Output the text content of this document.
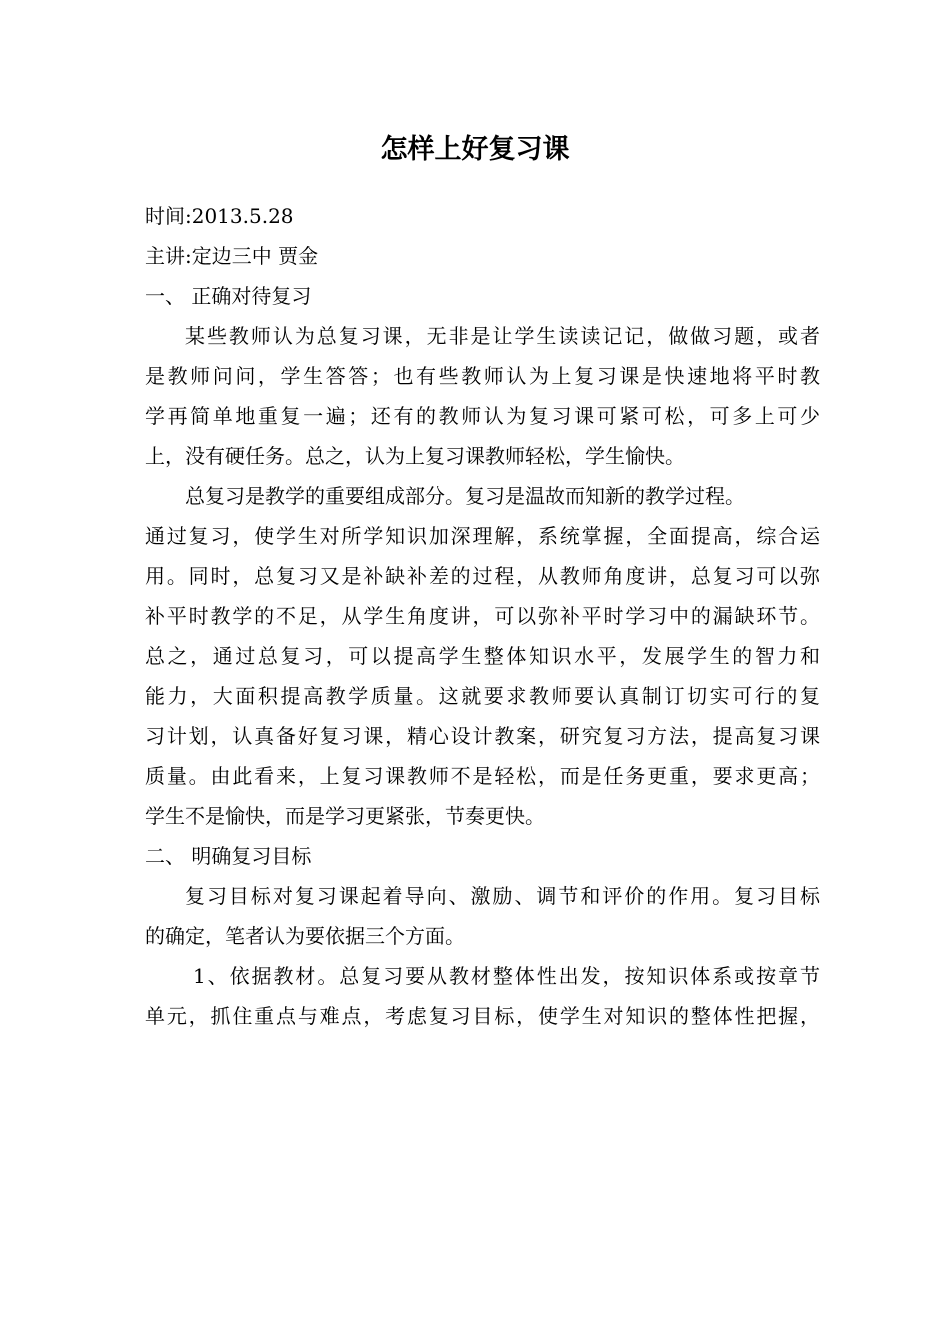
怎样上好复习课

时间:2013.5.28

主讲:定边三中 贾金

一、 正确对待复习

某些教师认为总复习课，无非是让学生读读记记，做做习题，或者

是教师问问，学生答答；也有些教师认为上复习课是快速地将平时教

学再简单地重复一遍；还有的教师认为复习课可紧可松，可多上可少

上，没有硬任务。总之，认为上复习课教师轻松，学生愉快。

总复习是教学的重要组成部分。复习是温故而知新的教学过程。

通过复习，使学生对所学知识加深理解，系统掌握，全面提高，综合运

用。同时，总复习又是补缺补差的过程，从教师角度讲，总复习可以弥

补平时教学的不足，从学生角度讲，可以弥补平时学习中的漏缺环节。

总之，通过总复习，可以提高学生整体知识水平，发展学生的智力和

能力，大面积提高教学质量。这就要求教师要认真制订切实可行的复

习计划，认真备好复习课，精心设计教案，研究复习方法，提高复习课

质量。由此看来，上复习课教师不是轻松，而是任务更重，要求更高；

学生不是愉快，而是学习更紧张，节奏更快。

二、 明确复习目标

复习目标对复习课起着导向、激励、调节和评价的作用。复习目标

的确定，笔者认为要依据三个方面。

1、依据教材。总复习要从教材整体性出发，按知识体系或按章节

单元，抓住重点与难点，考虑复习目标，使学生对知识的整体性把握，
